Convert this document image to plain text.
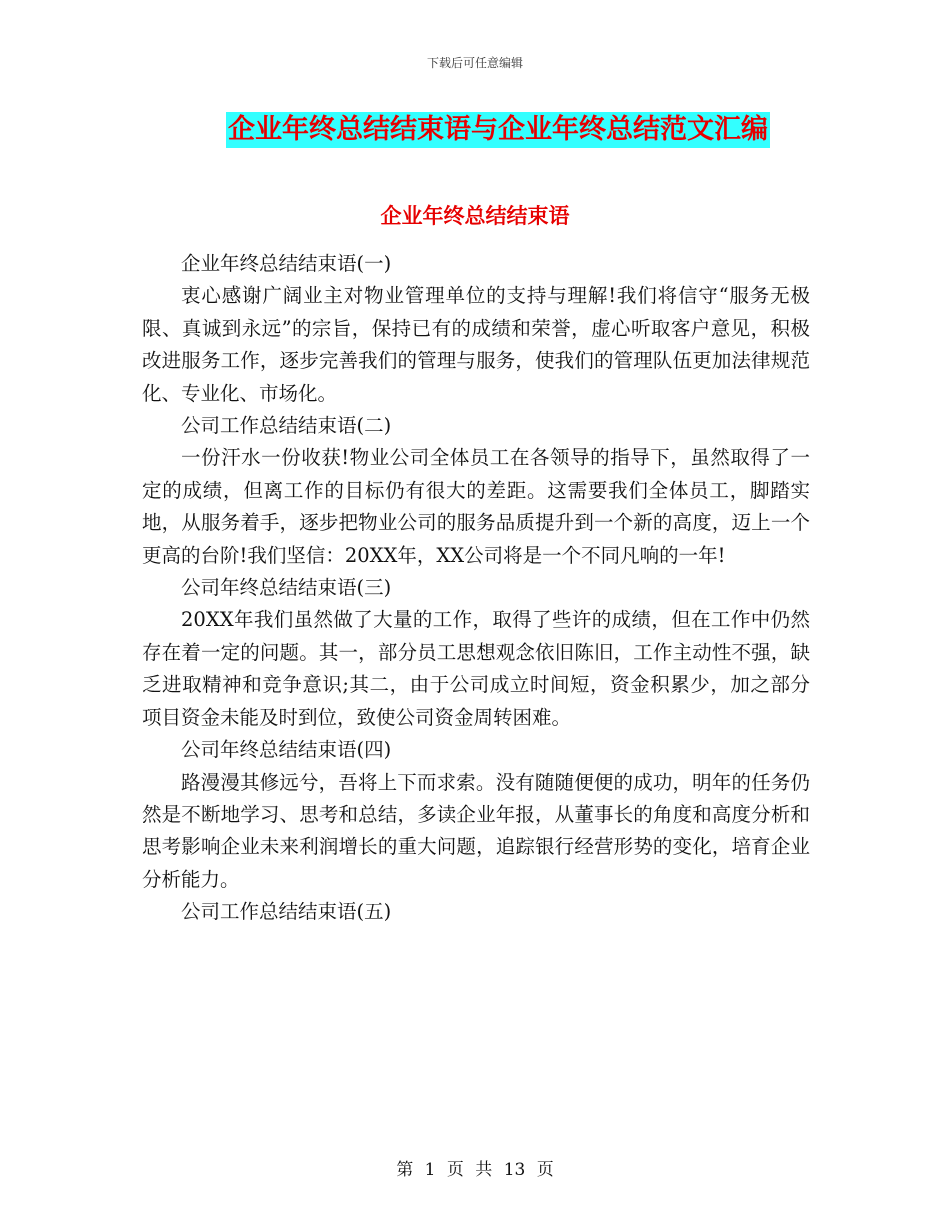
下载后可任意编辑
企业年终总结结束语与企业年终总结范文汇编
企业年终总结结束语

企业年终总结结束语(一)

衷心感谢广阔业主对物业管理单位的支持与理解!我们将信守“服务无极限、真诚到永远”的宗旨，保持已有的成绩和荣誉，虚心听取客户意见，积极改进服务工作，逐步完善我们的管理与服务，使我们的管理队伍更加法律规范化、专业化、市场化。

公司工作总结结束语(二)

一份汗水一份收获!物业公司全体员工在各领导的指导下，虽然取得了一定的成绩，但离工作的目标仍有很大的差距。这需要我们全体员工，脚踏实地，从服务着手，逐步把物业公司的服务品质提升到一个新的高度，迈上一个更高的台阶!我们坚信：20XX年，XX公司将是一个不同凡响的一年!

公司年终总结结束语(三)

20XX年我们虽然做了大量的工作，取得了些许的成绩，但在工作中仍然存在着一定的问题。其一，部分员工思想观念依旧陈旧，工作主动性不强，缺乏进取精神和竞争意识;其二，由于公司成立时间短，资金积累少，加之部分项目资金未能及时到位，致使公司资金周转困难。

公司年终总结结束语(四)

路漫漫其修远兮，吾将上下而求索。没有随随便便的成功，明年的任务仍然是不断地学习、思考和总结，多读企业年报，从董事长的角度和高度分析和思考影响企业未来利润增长的重大问题，追踪银行经营形势的变化，培育企业分析能力。

公司工作总结结束语(五)

第 1 页 共 13 页
